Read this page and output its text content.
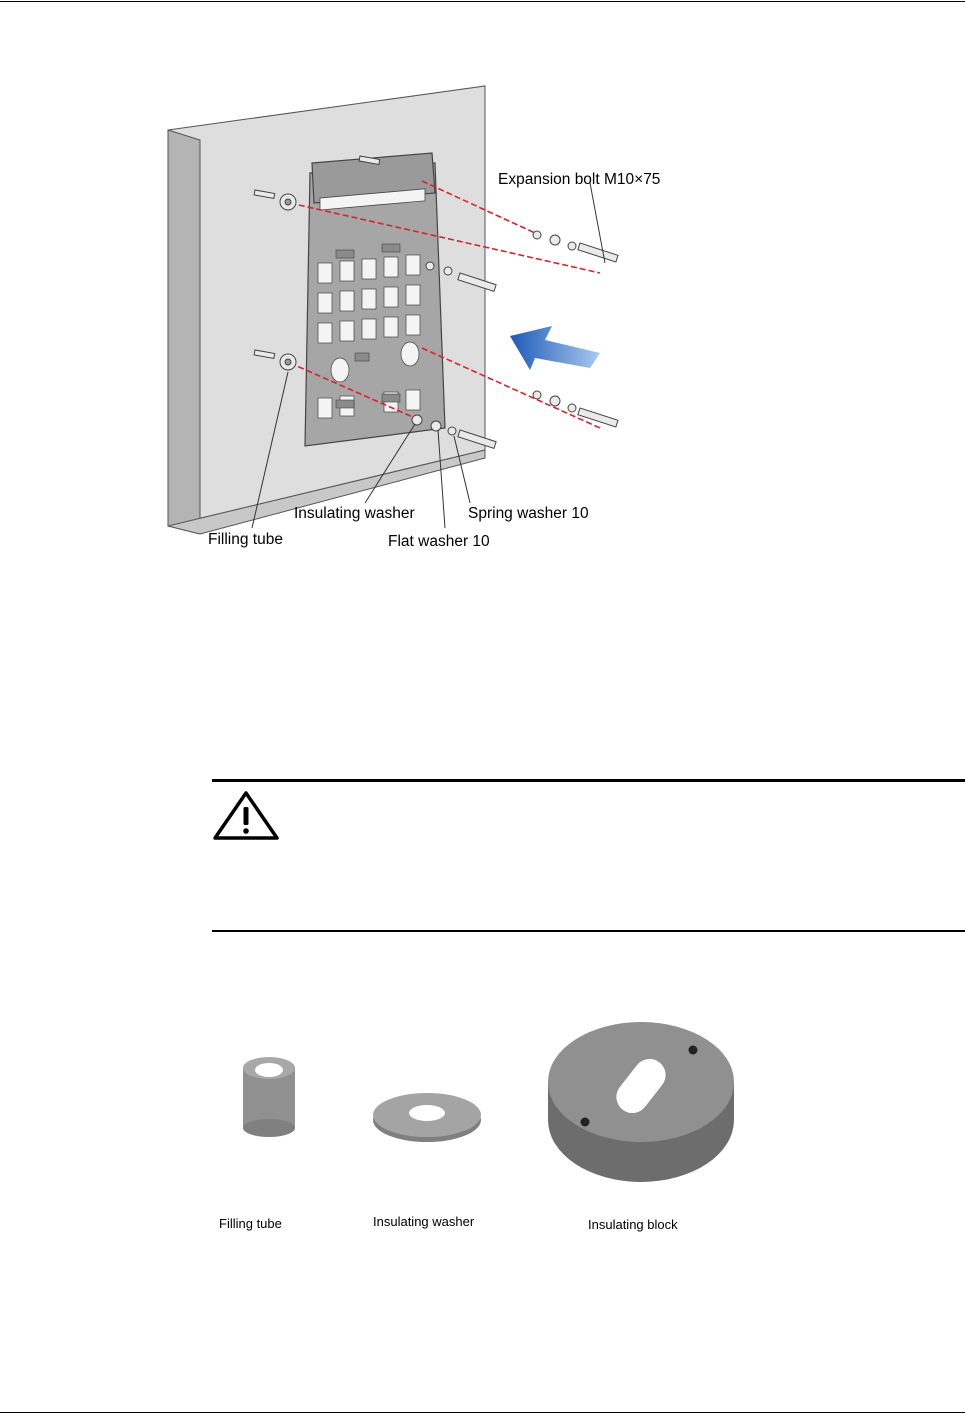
Expansion bolt M10×75
Insulating washer	Spring washer 10
Filling tube	Flat washer 10
Filling tube	Insulating washer	Insulating block
